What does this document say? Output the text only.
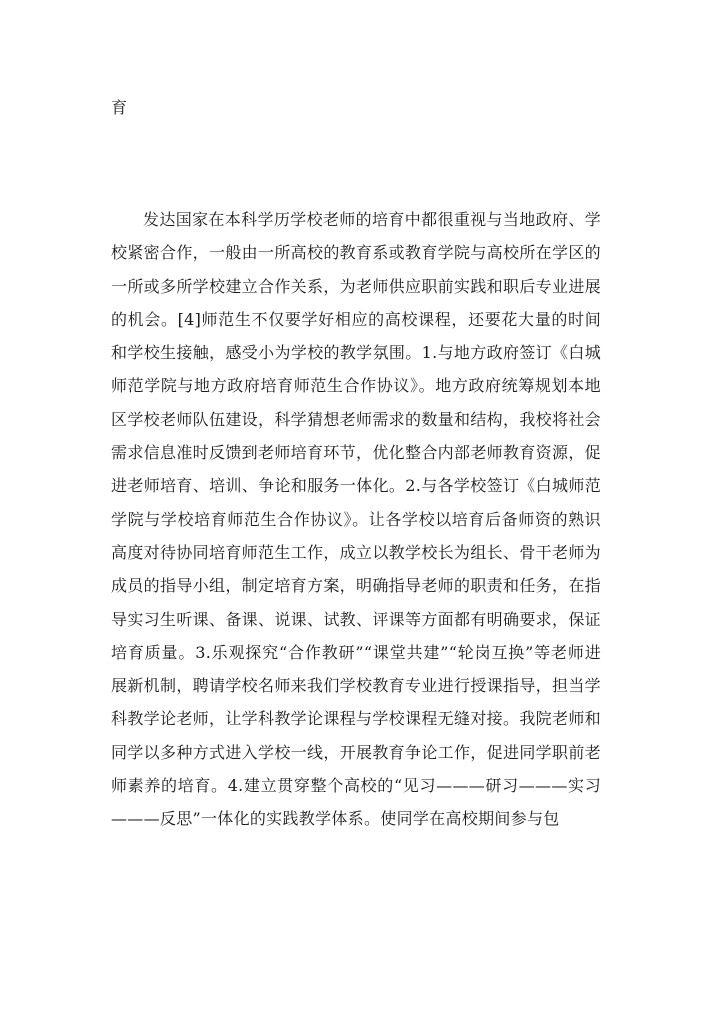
育

发达国家在本科学历学校老师的培育中都很重视与当地政府、学校紧密合作，一般由一所高校的教育系或教育学院与高校所在学区的一所或多所学校建立合作关系，为老师供应职前实践和职后专业进展的机会。[4]师范生不仅要学好相应的高校课程，还要花大量的时间和学校生接触，感受小为学校的教学氛围。1.与地方政府签订《白城师范学院与地方政府培育师范生合作协议》。地方政府统筹规划本地区学校老师队伍建设，科学猜想老师需求的数量和结构，我校将社会需求信息准时反馈到老师培育环节，优化整合内部老师教育资源，促进老师培育、培训、争论和服务一体化。2.与各学校签订《白城师范学院与学校培育师范生合作协议》。让各学校以培育后备师资的熟识高度对待协同培育师范生工作，成立以教学校长为组长、骨干老师为成员的指导小组，制定培育方案，明确指导老师的职责和任务，在指导实习生听课、备课、说课、试教、评课等方面都有明确要求，保证培育质量。3.乐观探究“合作教研”“课堂共建”“轮岗互换”等老师进展新机制，聘请学校名师来我们学校教育专业进行授课指导，担当学科教学论老师，让学科教学论课程与学校课程无缝对接。我院老师和同学以多种方式进入学校一线，开展教育争论工作，促进同学职前老师素养的培育。4.建立贯穿整个高校的“见习———研习———实习———反思”一体化的实践教学体系。使同学在高校期间参与包
